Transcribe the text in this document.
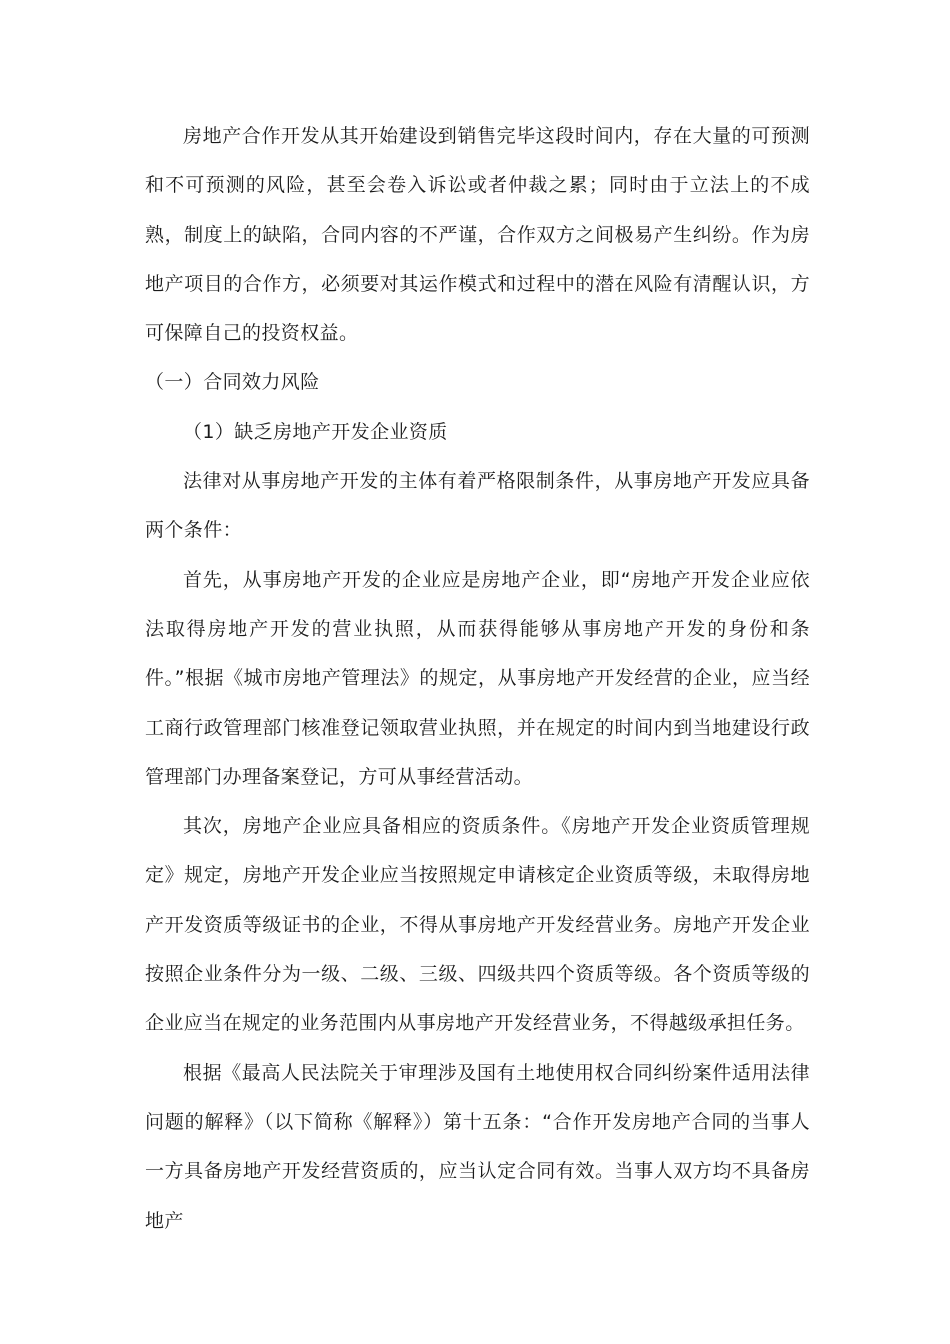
房地产合作开发从其开始建设到销售完毕这段时间内，存在大量的可预测和不可预测的风险，甚至会卷入诉讼或者仲裁之累；同时由于立法上的不成熟，制度上的缺陷，合同内容的不严谨，合作双方之间极易产生纠纷。作为房地产项目的合作方，必须要对其运作模式和过程中的潜在风险有清醒认识，方可保障自己的投资权益。

（一）合同效力风险

（1）缺乏房地产开发企业资质

法律对从事房地产开发的主体有着严格限制条件，从事房地产开发应具备两个条件：

首先，从事房地产开发的企业应是房地产企业，即“房地产开发企业应依法取得房地产开发的营业执照，从而获得能够从事房地产开发的身份和条件。”根据《城市房地产管理法》的规定，从事房地产开发经营的企业，应当经工商行政管理部门核准登记领取营业执照，并在规定的时间内到当地建设行政管理部门办理备案登记，方可从事经营活动。

其次，房地产企业应具备相应的资质条件。《房地产开发企业资质管理规定》规定，房地产开发企业应当按照规定申请核定企业资质等级，未取得房地产开发资质等级证书的企业，不得从事房地产开发经营业务。房地产开发企业按照企业条件分为一级、二级、三级、四级共四个资质等级。各个资质等级的企业应当在规定的业务范围内从事房地产开发经营业务，不得越级承担任务。

根据《最高人民法院关于审理涉及国有土地使用权合同纠纷案件适用法律问题的解释》（以下简称《解释》）第十五条：“合作开发房地产合同的当事人一方具备房地产开发经营资质的，应当认定合同有效。当事人双方均不具备房地产
